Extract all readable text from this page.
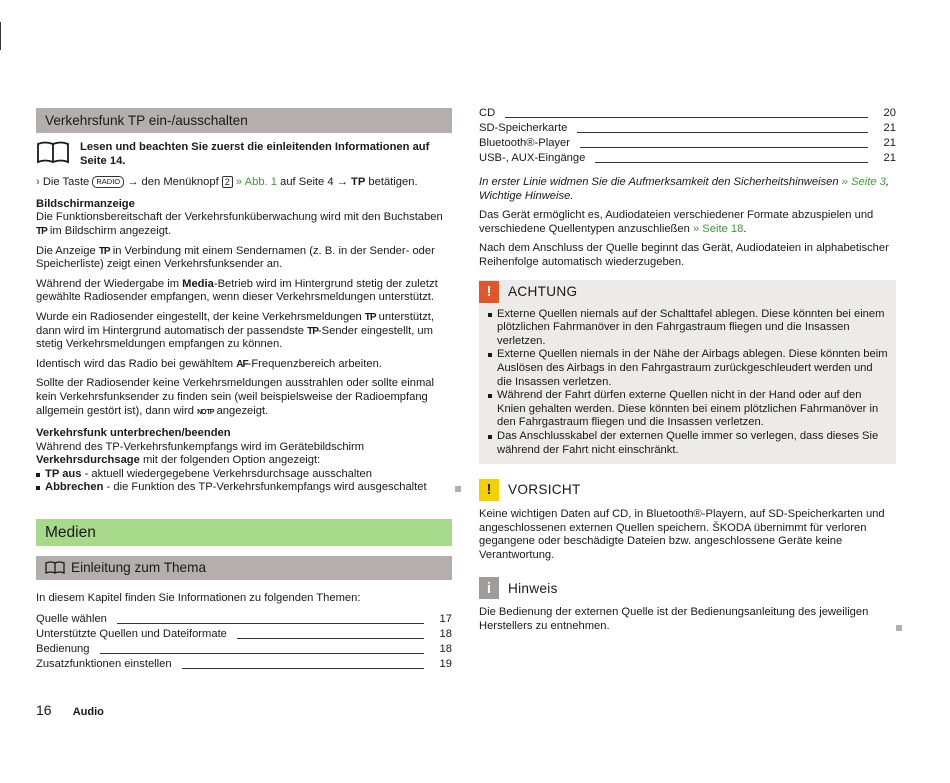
Verkehrsfunk TP ein-/ausschalten

Lesen und beachten Sie zuerst die einleitenden Informationen auf Seite 14.

› Die Taste RADIO → den Menüknopf 2 » Abb. 1 auf Seite 4 → TP betätigen.

Bildschirmanzeige

Die Funktionsbereitschaft der Verkehrsfunküberwachung wird mit den Buchstaben TP im Bildschirm angezeigt.

Die Anzeige TP in Verbindung mit einem Sendernamen (z. B. in der Sender- oder Speicherliste) zeigt einen Verkehrsfunksender an.

Während der Wiedergabe im Media-Betrieb wird im Hintergrund stetig der zuletzt gewählte Radiosender empfangen, wenn dieser Verkehrsmeldungen unterstützt.

Wurde ein Radiosender eingestellt, der keine Verkehrsmeldungen TP unterstützt, dann wird im Hintergrund automatisch der passendste TP-Sender eingestellt, um stetig Verkehrsmeldungen empfangen zu können.

Identisch wird das Radio bei gewähltem AF-Frequenzbereich arbeiten.

Sollte der Radiosender keine Verkehrsmeldungen ausstrahlen oder sollte einmal kein Verkehrsfunksender zu finden sein (weil beispielsweise der Radioempfang allgemein gestört ist), dann wird NO TP angezeigt.

Verkehrsfunk unterbrechen/beenden

Während des TP-Verkehrsfunkempfangs wird im Gerätebildschirm Verkehrsdurchsage mit der folgenden Option angezeigt:

TP aus - aktuell wiedergegebene Verkehrsdurchsage ausschalten
Abbrechen - die Funktion des TP-Verkehrsfunkempfangs wird ausgeschaltet
Medien
Einleitung zum Thema

In diesem Kapitel finden Sie Informationen zu folgenden Themen:

Quelle wählen	17
Unterstützte Quellen und Dateiformate	18
Bedienung	18
Zusatzfunktionen einstellen	19
CD	20
SD-Speicherkarte	21
Bluetooth®-Player	21
USB-, AUX-Eingänge	21

In erster Linie widmen Sie die Aufmerksamkeit den Sicherheitshinweisen » Seite 3, Wichtige Hinweise.

Das Gerät ermöglicht es, Audiodateien verschiedener Formate abzuspielen und verschiedene Quellentypen anzuschließen » Seite 18.

Nach dem Anschluss der Quelle beginnt das Gerät, Audiodateien in alphabetischer Reihenfolge automatisch wiederzugeben.

!	ACHTUNG
Externe Quellen niemals auf der Schalttafel ablegen. Diese könnten bei einem plötzlichen Fahrmanöver in den Fahrgastraum fliegen und die Insassen verletzen.
Externe Quellen niemals in der Nähe der Airbags ablegen. Diese könnten beim Auslösen des Airbags in den Fahrgastraum zurückgeschleudert werden und die Insassen verletzen.
Während der Fahrt dürfen externe Quellen nicht in der Hand oder auf den Knien gehalten werden. Diese könnten bei einem plötzlichen Fahrmanöver in den Fahrgastraum fliegen und die Insassen verletzen.
Das Anschlusskabel der externen Quelle immer so verlegen, dass dieses Sie während der Fahrt nicht einschränkt.
!	VORSICHT

Keine wichtigen Daten auf CD, in Bluetooth®-Playern, auf SD-Speicherkarten und angeschlossenen externen Quellen speichern. ŠKODA übernimmt für verloren gegangene oder beschädigte Dateien bzw. angeschlossene Geräte keine Verantwortung.

i	Hinweis

Die Bedienung der externen Quelle ist der Bedienungsanleitung des jeweiligen Herstellers zu entnehmen.

16 Audio
